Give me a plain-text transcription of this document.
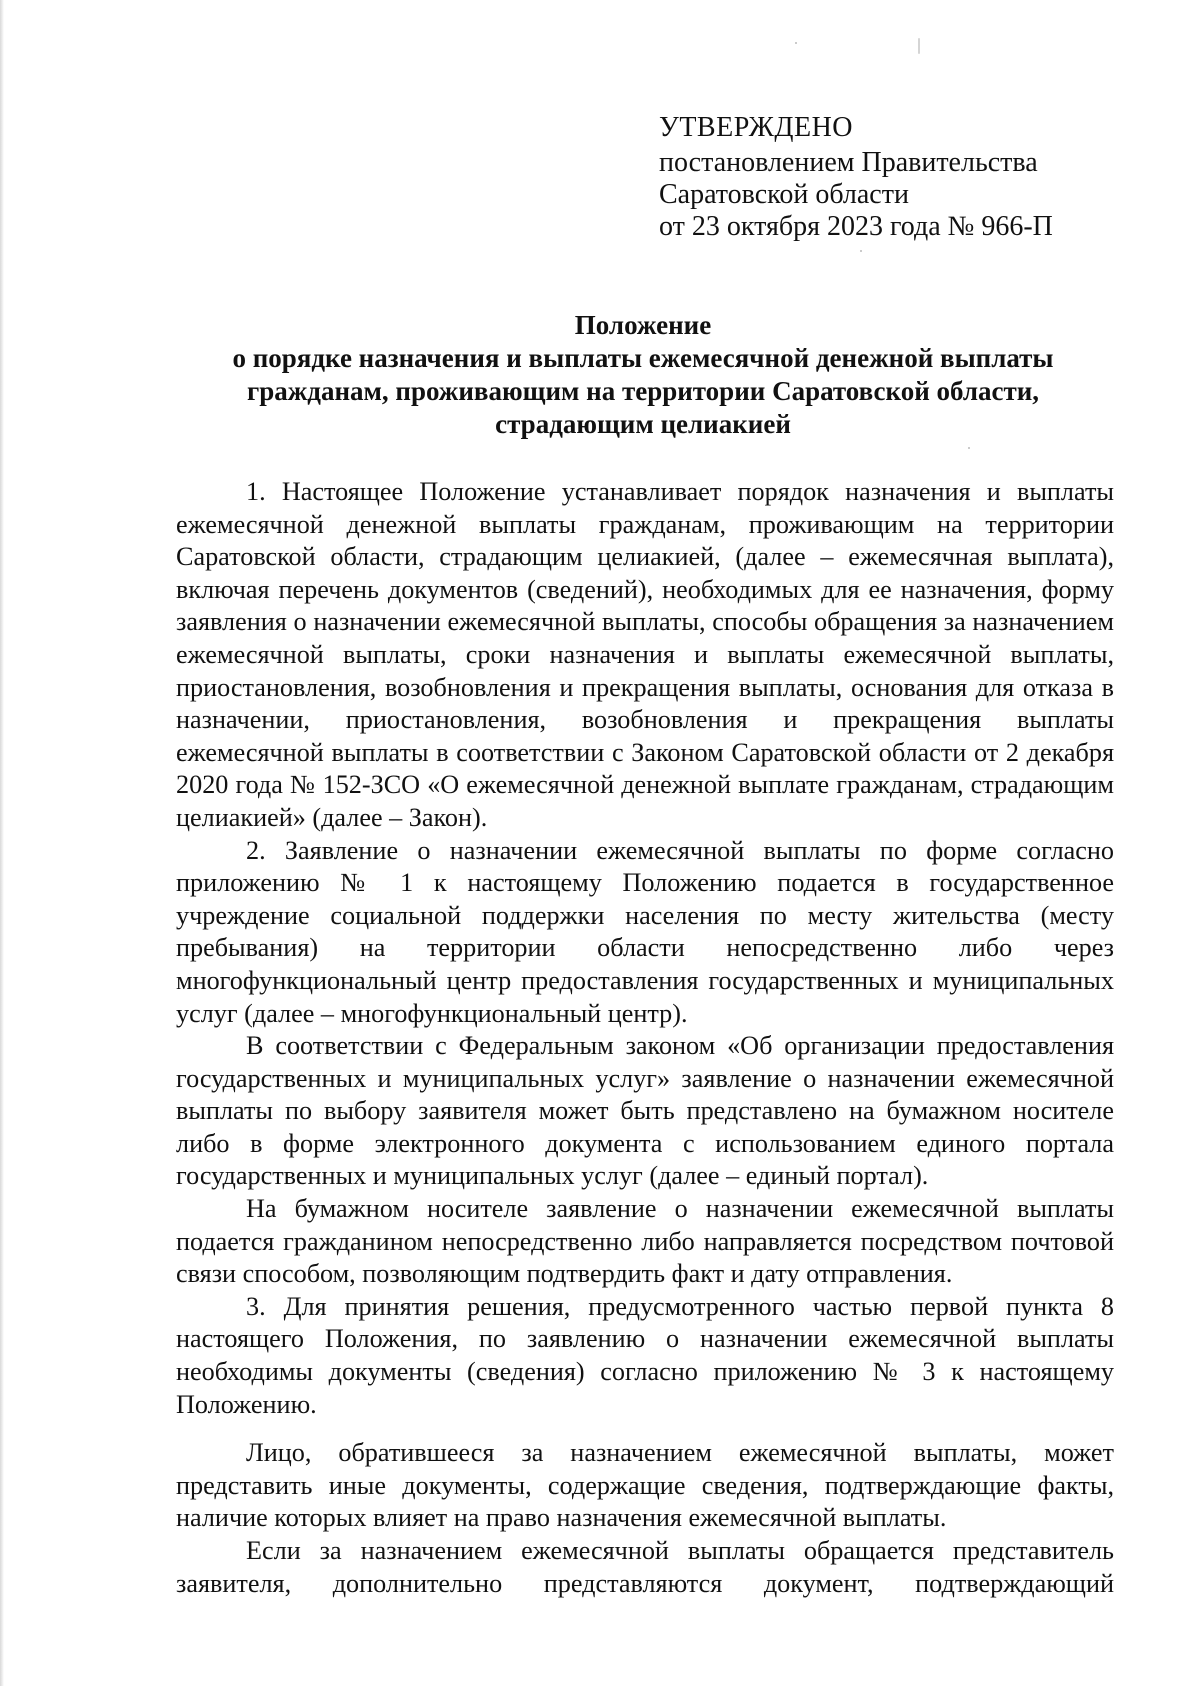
УТВЕРЖДЕНО
постановлением Правительства
Саратовской области
от 23 октября 2023 года № 966-П
Положение
о порядке назначения и выплаты ежемесячной денежной выплаты
гражданам, проживающим на территории Саратовской области,
страдающим целиакией

1. Настоящее Положение устанавливает порядок назначения и выплаты ежемесячной денежной выплаты гражданам, проживающим на территории Саратовской области, страдающим целиакией, (далее – ежемесячная выплата), включая перечень документов (сведений), необходимых для ее назначения, форму заявления о назначении ежемесячной выплаты, способы обращения за назначением ежемесячной выплаты, сроки назначения и выплаты ежемесячной выплаты, приостановления, возобновления и прекращения выплаты, основания для отказа в назначении, приостановления, возобновления и прекращения выплаты ежемесячной выплаты в соответствии с Законом Саратовской области от 2 декабря 2020 года № 152-ЗСО «О ежемесячной денежной выплате гражданам, страдающим целиакией» (далее – Закон).

2. Заявление о назначении ежемесячной выплаты по форме согласно приложению № 1 к настоящему Положению подается в государственное учреждение социальной поддержки населения по месту жительства (месту пребывания) на территории области непосредственно либо через многофункциональный центр предоставления государственных и муниципальных услуг (далее – многофункциональный центр).

В соответствии с Федеральным законом «Об организации предоставления государственных и муниципальных услуг» заявление о назначении ежемесячной выплаты по выбору заявителя может быть представлено на бумажном носителе либо в форме электронного документа с использованием единого портала государственных и муниципальных услуг (далее – единый портал).

На бумажном носителе заявление о назначении ежемесячной выплаты подается гражданином непосредственно либо направляется посредством почтовой связи способом, позволяющим подтвердить факт и дату отправления.

3. Для принятия решения, предусмотренного частью первой пункта 8 настоящего Положения, по заявлению о назначении ежемесячной выплаты необходимы документы (сведения) согласно приложению № 3 к настоящему Положению.

Лицо, обратившееся за назначением ежемесячной выплаты, может представить иные документы, содержащие сведения, подтверждающие факты, наличие которых влияет на право назначения ежемесячной выплаты.

Если за назначением ежемесячной выплаты обращается представитель заявителя, дополнительно представляются документ, подтверждающий
